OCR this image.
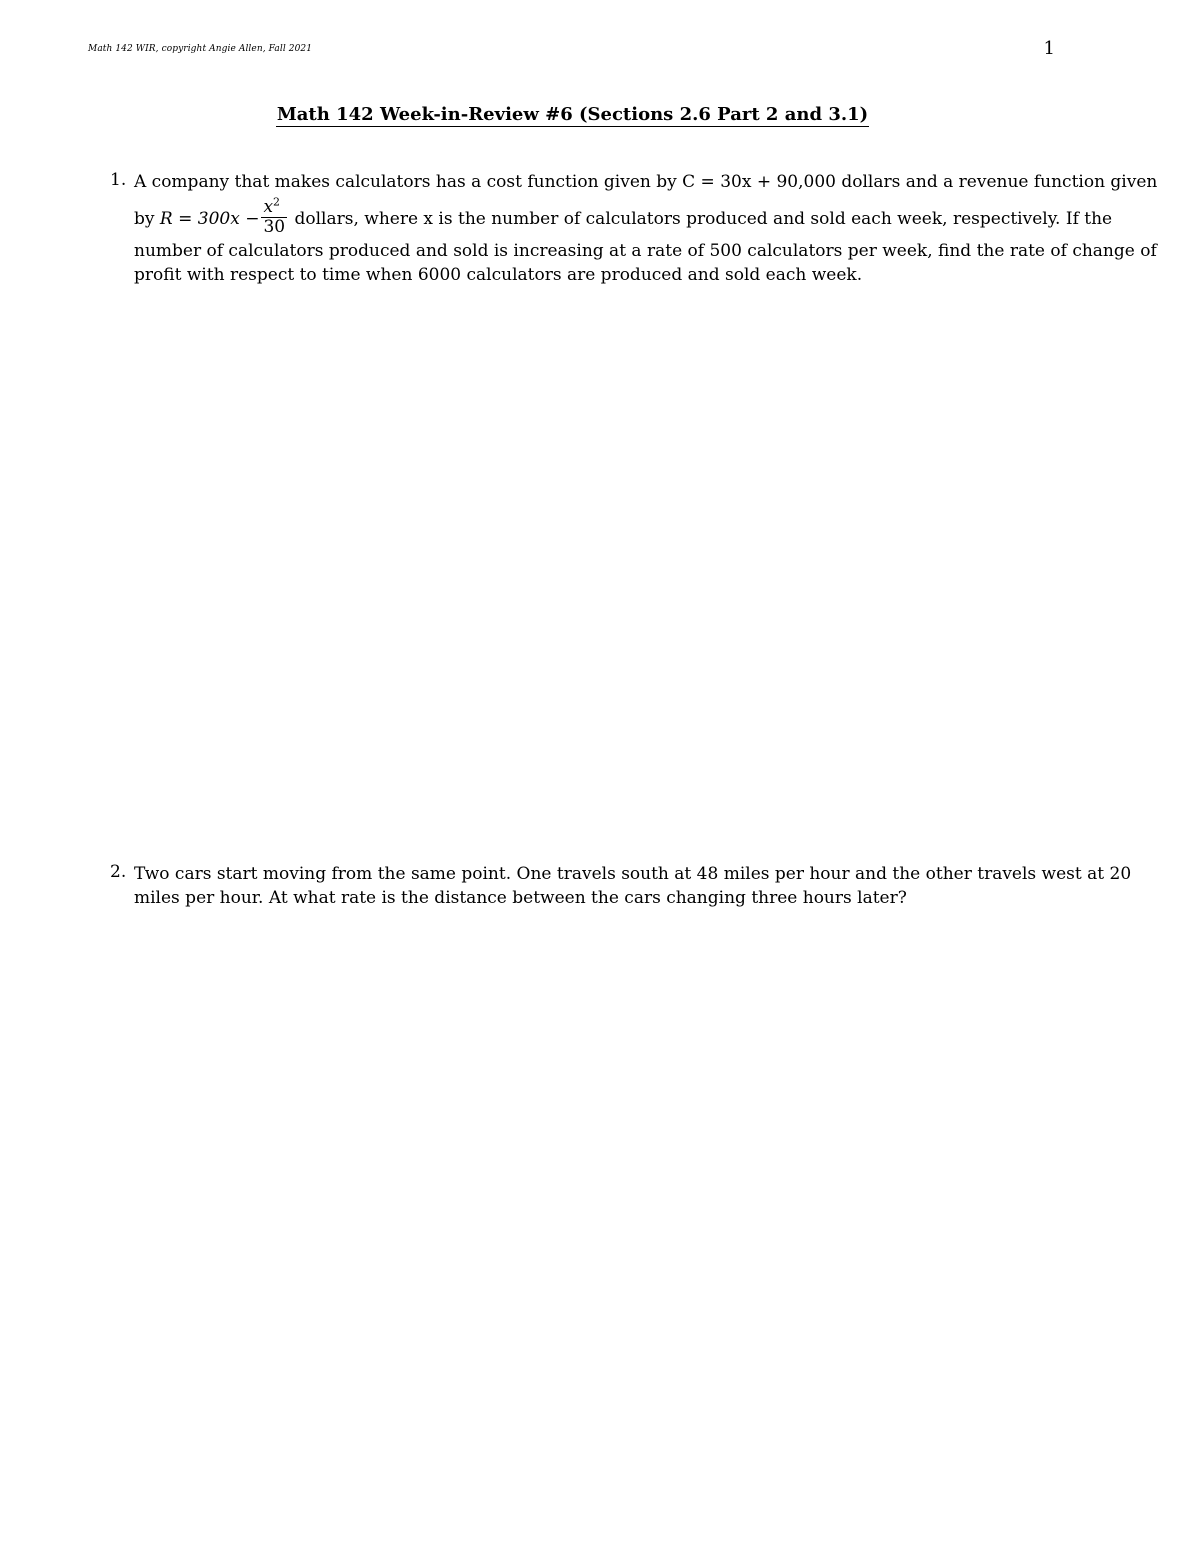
Math 142 WIR, copyright Angie Allen, Fall 2021	1
Math 142 Week-in-Review #6 (Sections 2.6 Part 2 and 3.1)
1. A company that makes calculators has a cost function given by C = 30x + 90,000 dollars and a revenue function given
by $R = 300x - \frac{x^2}{30}$ dollars, where x is the number of calculators produced and sold each week, respectively. If the
number of calculators produced and sold is increasing at a rate of 500 calculators per week, find the rate of change of
profit with respect to time when 6000 calculators are produced and sold each week.
2. Two cars start moving from the same point. One travels south at 48 miles per hour and the other travels west at 20
miles per hour. At what rate is the distance between the cars changing three hours later?
